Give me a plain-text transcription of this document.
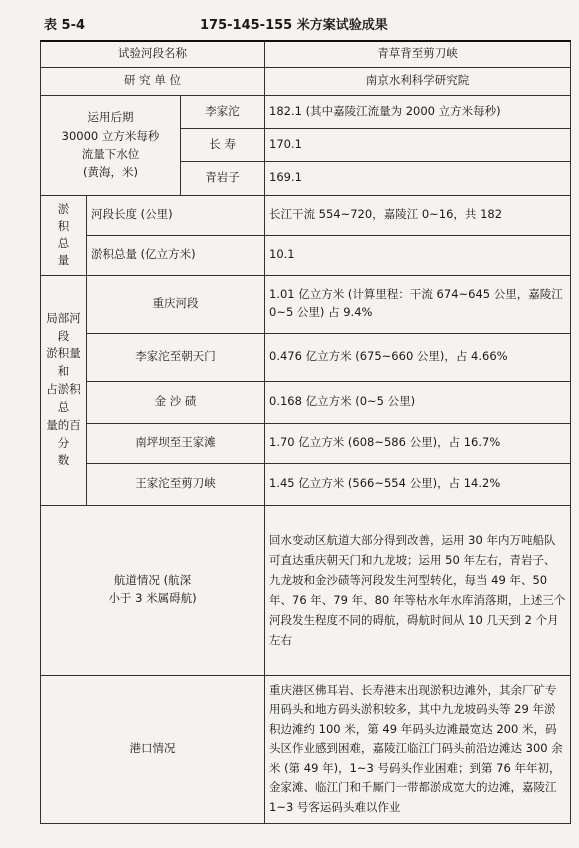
表 5-4	175-145-155 米方案试验成果
试验河段名称			青草背至剪刀峡
研 究 单 位			南京水利科学研究院
运用后期
30000 立方米每秒
流量下水位
(黄海，米)		李家沱	182.1 (其中嘉陵江流量为 2000 立方米每秒)
		长 寿	170.1
		青岩子	169.1
淤
积
总
量	河段长度 (公里)		长江干流 554~720，嘉陵江 0~16，共 182
	淤积总量 (亿立方米)		10.1
局部河段
淤积量和
占淤积总
量的百分
数	重庆河段		1.01 亿立方米 (计算里程：干流 674~645 公里，嘉陵江 0~5 公里) 占 9.4%
	李家沱至朝天门		0.476 亿立方米 (675~660 公里)，占 4.66%
	金 沙 碛		0.168 亿立方米 (0~5 公里)
	南坪坝至王家滩		1.70 亿立方米 (608~586 公里)，占 16.7%
	王家沱至剪刀峡		1.45 亿立方米 (566~554 公里)，占 14.2%
航道情况 (航深
小于 3 米属碍航)			回水变动区航道大部分得到改善，运用 30 年内万吨船队可直达重庆朝天门和九龙坡；运用 50 年左右，青岩子、九龙坡和金沙碛等河段发生河型转化，每当 49 年、50 年、76 年、79 年、80 年等枯水年水库消落期，上述三个河段发生程度不同的碍航，碍航时间从 10 几天到 2 个月左右
港口情况			重庆港区佛耳岩、长寿港末出现淤积边滩外，其余厂矿专用码头和地方码头淤积较多，其中九龙坡码头等 29 年淤积边滩约 100 米，第 49 年码头边滩最宽达 200 米，码头区作业感到困难，嘉陵江临江门码头前沿边滩达 300 余米 (第 49 年)，1~3 号码头作业困难；到第 76 年年初，金家滩、临江门和千厮门一带都淤成宽大的边滩，嘉陵江 1~3 号客运码头难以作业
